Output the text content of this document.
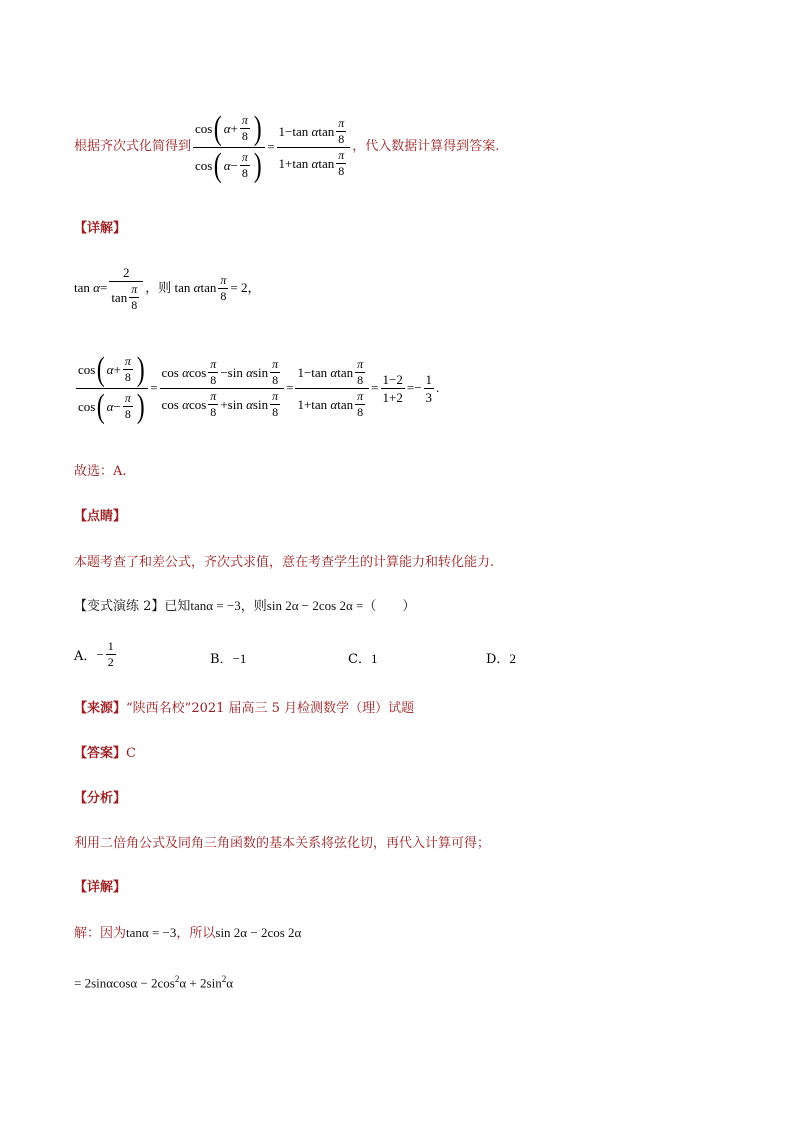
根据齐次式化简得到 $\frac{\cos ( \alpha + \frac{\pi}{8} )}{\cos ( \alpha - \frac{\pi}{8} )} = 1 - \tan$
α $\tan \frac{\pi}{8}$
1 + tan
α $\tan \frac{\pi}{8}$ ，代入数据计算得到答案.
【详解】
tan
$\alpha = \frac{2}{\tan \frac{\pi}{8}}$ ，则
tan
α $\tan \frac{\pi}{8}$ =
2 ，
$\frac{\cos ( \alpha + \frac{\pi}{8} )}{\cos ( \alpha - \frac{\pi}{8} )} = \cos$
α $\cos \frac{\pi}{8} - \sin$
α $\sin \frac{\pi}{8}$
cos
α $\cos \frac{\pi}{8} + \sin$
α $\sin \frac{\pi}{8} = 1 - \tan$
α $\tan \frac{\pi}{8}$
1 + tan
α $\tan \frac{\pi}{8} = \frac{1-2}{1+2}$ = − $\frac{1}{3}$ .
故选：A.
【点睛】
本题考查了和差公式，齐次式求值，意在考查学生的计算能力和转化能力.
【变式演练 2】已知tanα = −3，则sin 2α − 2cos 2α =（　　）
A． − $\frac{1}{2}$	B．−1	C．1	D．2
【来源】“陕西名校”2021 届高三 5 月检测数学（理）试题
【答案】C
【分析】
利用二倍角公式及同角三角函数的基本关系将弦化切，再代入计算可得；
【详解】
解：因为tanα = −3，所以sin 2α − 2cos 2α
= $2\sin\alpha\cos\alpha - 2\cos^2\alpha + 2\sin^2\alpha$
